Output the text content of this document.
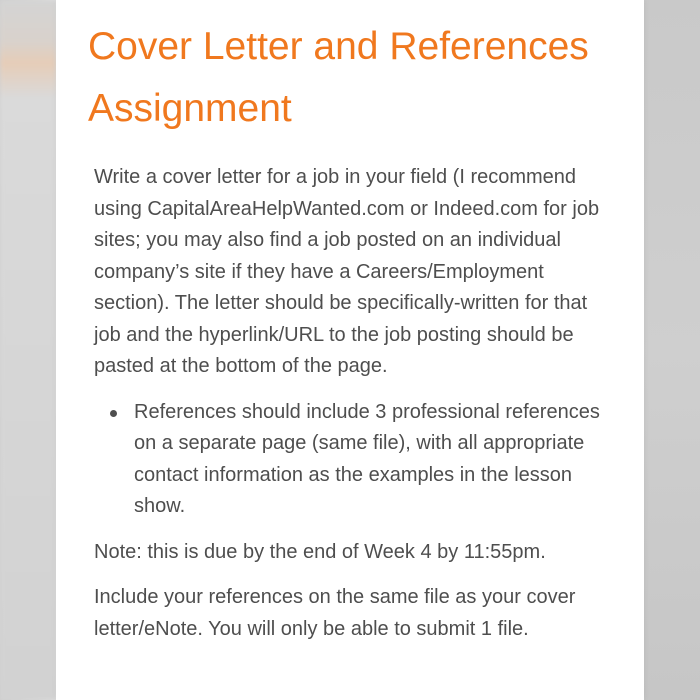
Cover Letter and References Assignment

Write a cover letter for a job in your field (I recommend using CapitalAreaHelpWanted.com or Indeed.com for job sites; you may also find a job posted on an individual company’s site if they have a Careers/Employment section). The letter should be specifically-written for that job and the hyperlink/URL to the job posting should be pasted at the bottom of the page.

References should include 3 professional references on a separate page (same file), with all appropriate contact information as the examples in the lesson show.

Note: this is due by the end of Week 4 by 11:55pm.

Include your references on the same file as your cover letter/eNote. You will only be able to submit 1 file.
